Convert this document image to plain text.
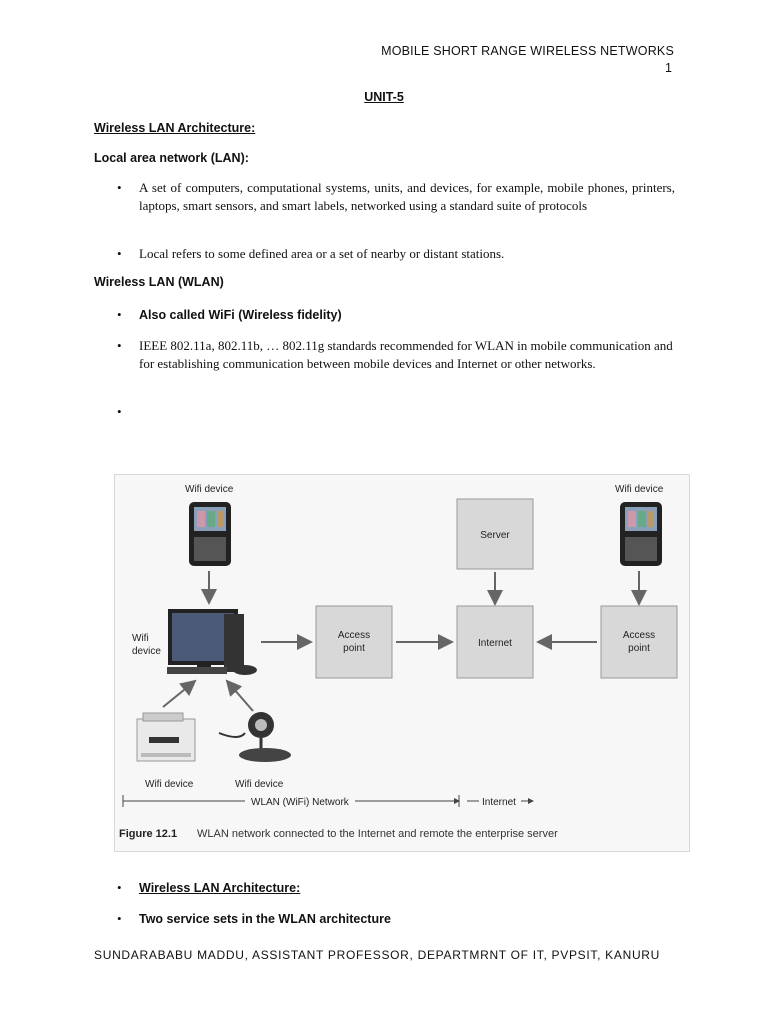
MOBILE SHORT RANGE WIRELESS NETWORKS
1
UNIT-5
Wireless LAN Architecture:
Local area network (LAN):
• A set of computers, computational systems, units, and devices, for example, mobile phones, printers, laptops, smart sensors, and smart labels, networked using a standard suite of protocols
• Local refers to some defined area or a set of nearby or distant stations.
Wireless LAN (WLAN)
• Also called WiFi (Wireless fidelity)
• IEEE 802.11a, 802.11b, … 802.11g standards recommended for WLAN in mobile communication and for establishing communication between mobile devices and Internet or other networks.
•
Wifi device	Wifi device
Server
Wifi device
Access point	Internet
Access point
Wifi device	Wifi device
WLAN (WiFi) Network	Internet
Figure 12.1 WLAN network connected to the Internet and remote the enterprise server
• Wireless LAN Architecture:
• Two service sets in the WLAN architecture
SUNDARABABU MADDU, ASSISTANT PROFESSOR, DEPARTMRNT OF IT, PVPSIT, KANURU
